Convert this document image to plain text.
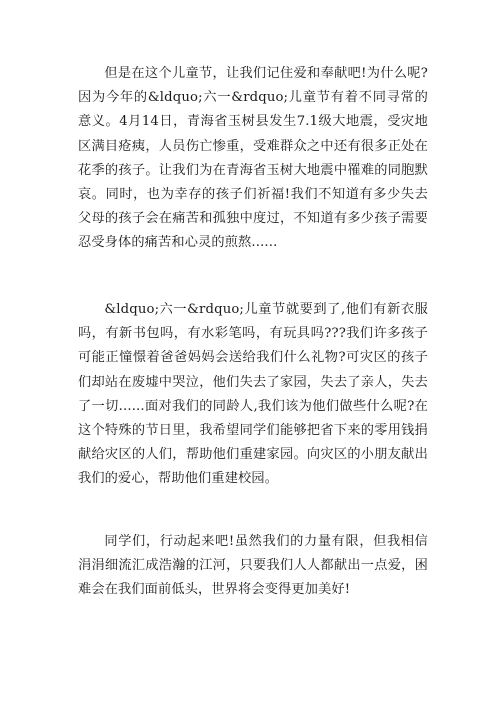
但是在这个儿童节，让我们记住爱和奉献吧!为什么呢?因为今年的&ldquo;六一&rdquo;儿童节有着不同寻常的意义。4月14日，青海省玉树县发生7.1级大地震，受灾地区满目疮痍，人员伤亡惨重，受难群众之中还有很多正处在花季的孩子。让我们为在青海省玉树大地震中罹难的同胞默哀。同时，也为幸存的孩子们祈福!我们不知道有多少失去父母的孩子会在痛苦和孤独中度过，不知道有多少孩子需要忍受身体的痛苦和心灵的煎熬......

&ldquo;六一&rdquo;儿童节就要到了,他们有新衣服吗，有新书包吗，有水彩笔吗，有玩具吗???我们许多孩子可能正憧憬着爸爸妈妈会送给我们什么礼物?可灾区的孩子们却站在废墟中哭泣，他们失去了家园，失去了亲人，失去了一切......面对我们的同龄人,我们该为他们做些什么呢?在这个特殊的节日里，我希望同学们能够把省下来的零用钱捐献给灾区的人们，帮助他们重建家园。向灾区的小朋友献出我们的爱心，帮助他们重建校园。

同学们，行动起来吧!虽然我们的力量有限，但我相信涓涓细流汇成浩瀚的江河，只要我们人人都献出一点爱，困难会在我们面前低头，世界将会变得更加美好!
